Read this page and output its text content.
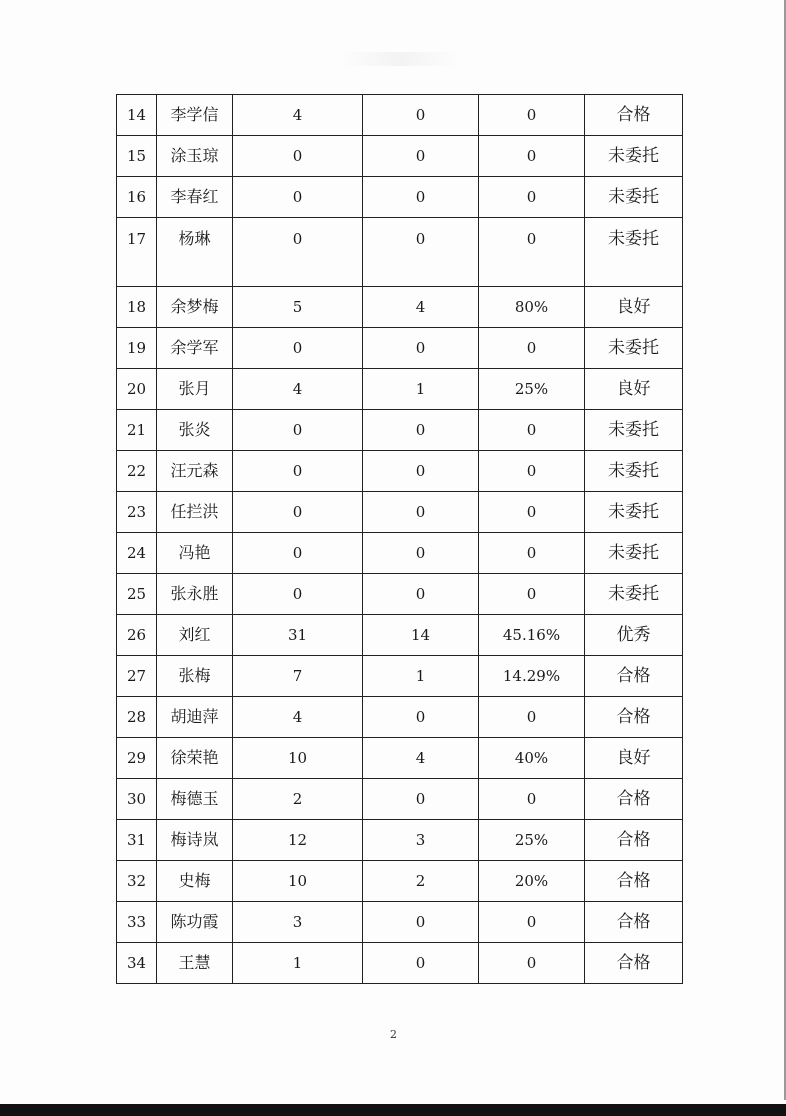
14	李学信	4	0	0	合格
15	涂玉琼	0	0	0	未委托
16	李春红	0	0	0	未委托
17	杨琳	0	0	0	未委托
18	余梦梅	5	4	80%	良好
19	余学军	0	0	0	未委托
20	张月	4	1	25%	良好
21	张炎	0	0	0	未委托
22	汪元森	0	0	0	未委托
23	任拦洪	0	0	0	未委托
24	冯艳	0	0	0	未委托
25	张永胜	0	0	0	未委托
26	刘红	31	14	45.16%	优秀
27	张梅	7	1	14.29%	合格
28	胡迪萍	4	0	0	合格
29	徐荣艳	10	4	40%	良好
30	梅德玉	2	0	0	合格
31	梅诗岚	12	3	25%	合格
32	史梅	10	2	20%	合格
33	陈功霞	3	0	0	合格
34	王慧	1	0	0	合格
2
